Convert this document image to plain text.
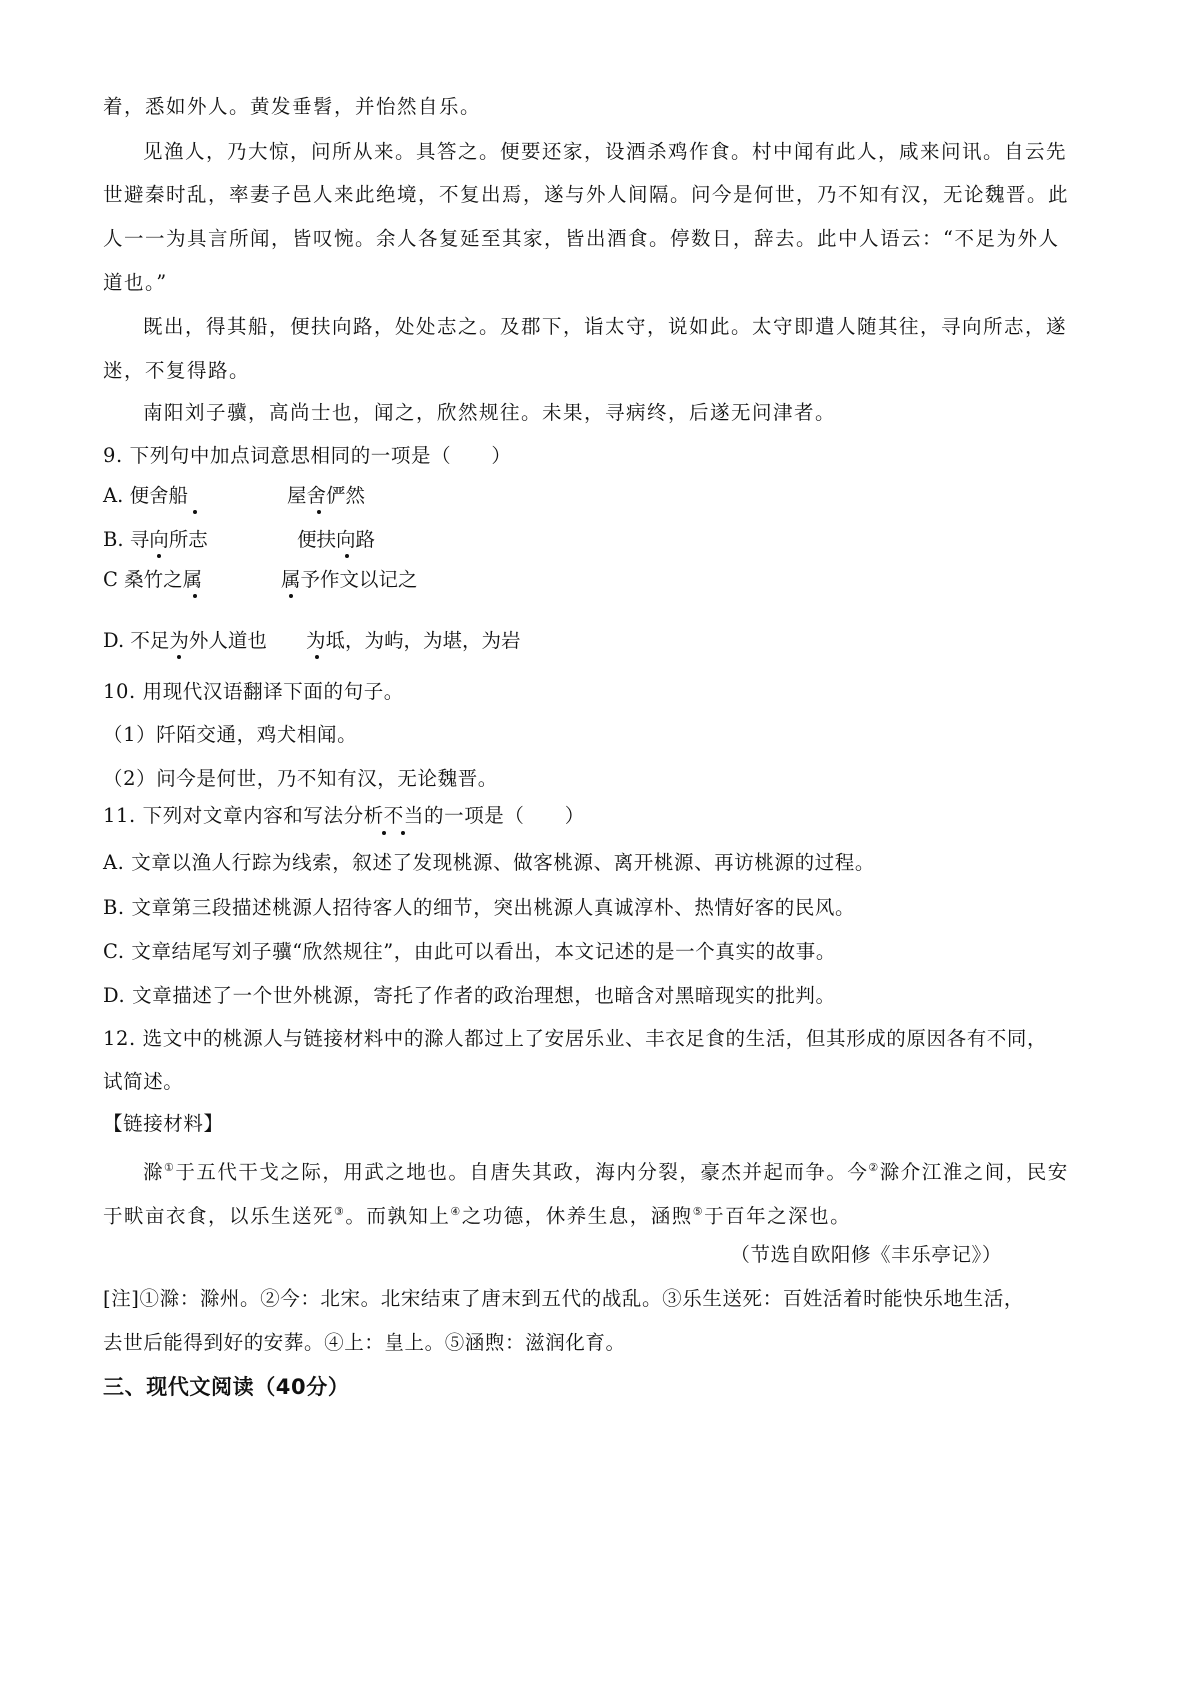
着，悉如外人。黄发垂髫，并怡然自乐。
见渔人，乃大惊，问所从来。具答之。便要还家，设酒杀鸡作食。村中闻有此人，咸来问讯。自云先
世避秦时乱，率妻子邑人来此绝境，不复出焉，遂与外人间隔。问今是何世，乃不知有汉，无论魏晋。此
人一一为具言所闻，皆叹惋。余人各复延至其家，皆出酒食。停数日，辞去。此中人语云：“不足为外人
道也。”
既出，得其船，便扶向路，处处志之。及郡下，诣太守，说如此。太守即遣人随其往，寻向所志，遂
迷，不复得路。
南阳刘子骥，高尚士也，闻之，欣然规往。未果，寻病终，后遂无问津者。
9. 下列句中加点词意思相同的一项是（　　）
A. 便舍船	屋舍俨然
B. 寻向所志	便扶向路
C 桑竹之属	属予作文以记之
D. 不足为外人道也 为坻，为屿，为堪，为岩
10. 用现代汉语翻译下面的句子。
（1）阡陌交通，鸡犬相闻。
（2）问今是何世，乃不知有汉，无论魏晋。
11. 下列对文章内容和写法分析不当的一项是（　　）
A. 文章以渔人行踪为线索，叙述了发现桃源、做客桃源、离开桃源、再访桃源的过程。
B. 文章第三段描述桃源人招待客人的细节，突出桃源人真诚淳朴、热情好客的民风。
C. 文章结尾写刘子骥“欣然规往”，由此可以看出，本文记述的是一个真实的故事。
D. 文章描述了一个世外桃源，寄托了作者的政治理想，也暗含对黑暗现实的批判。
12. 选文中的桃源人与链接材料中的滁人都过上了安居乐业、丰衣足食的生活，但其形成的原因各有不同，
试简述。
【链接材料】
滁①于五代干戈之际，用武之地也。自唐失其政，海内分裂，豪杰并起而争。今②滁介江淮之间，民安
于畎亩衣食，以乐生送死③。而孰知上④之功德，休养生息，涵煦⑤于百年之深也。
（节选自欧阳修《丰乐亭记》）
[注]①滁：滁州。②今：北宋。北宋结束了唐末到五代的战乱。③乐生送死：百姓活着时能快乐地生活，
去世后能得到好的安葬。④上：皇上。⑤涵煦：滋润化育。
三、现代文阅读（40分）
